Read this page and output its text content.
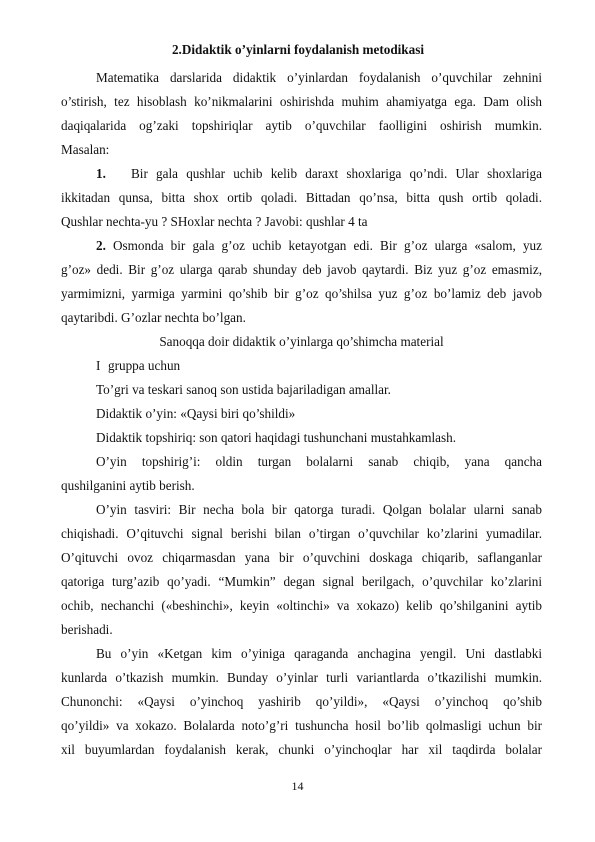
2.Didaktik o’yinlarni foydalanish metodikasi
Matematika darslarida didaktik o’yinlardan foydalanish o’quvchilar zehnini
o’stirish, tez hisoblash ko’nikmalarini oshirishda muhim ahamiyatga ega. Dam olish
daqiqalarida og’zaki topshiriqlar aytib o’quvchilar faolligini oshirish mumkin.
Masalan:
1.	Bir gala qushlar uchib kelib daraxt shoxlariga qo’ndi. Ular shoxlariga
ikkitadan qunsa, bitta shox ortib qoladi. Bittadan qo’nsa, bitta qush ortib qoladi.
Qushlar nechta-yu ? SHoxlar nechta ? Javobi: qushlar 4 ta
2. Osmonda bir gala g’oz uchib ketayotgan edi. Bir g’oz ularga «salom, yuz
g’oz» dedi. Bir g’oz ularga qarab shunday deb javob qaytardi. Biz yuz g’oz emasmiz,
yarmimizni, yarmiga yarmini qo’shib bir g’oz qo’shilsa yuz g’oz bo’lamiz deb javob
qaytaribdi. G’ozlar nechta bo’lgan.
Sanoqqa doir didaktik o’yinlarga qo’shimcha material
I gruppa uchun
To’gri va teskari sanoq son ustida bajariladigan amallar.
Didaktik o’yin: «Qaysi biri qo’shildi»
Didaktik topshiriq: son qatori haqidagi tushunchani mustahkamlash.
O’yin topshirig’i: oldin turgan bolalarni sanab chiqib, yana qancha
qushilganini aytib berish.
O’yin tasviri: Bir necha bola bir qatorga turadi. Qolgan bolalar ularni sanab
chiqishadi. O’qituvchi signal berishi bilan o’tirgan o’quvchilar ko’zlarini yumadilar.
O’qituvchi ovoz chiqarmasdan yana bir o’quvchini doskaga chiqarib, saflanganlar
qatoriga turg’azib qo’yadi. “Mumkin” degan signal berilgach, o’quvchilar ko’zlarini
ochib, nechanchi («beshinchi», keyin «oltinchi» va xokazo) kelib qo’shilganini aytib
berishadi.
Bu o’yin «Ketgan kim o’yiniga qaraganda anchagina yengil. Uni dastlabki
kunlarda o’tkazish mumkin. Bunday o’yinlar turli variantlarda o’tkazilishi mumkin.
Chunonchi: «Qaysi o’yinchoq yashirib qo’yildi», «Qaysi o’yinchoq qo’shib
qo’yildi» va xokazo. Bolalarda noto’g’ri tushuncha hosil bo’lib qolmasligi uchun bir
xil buyumlardan foydalanish kerak, chunki o’yinchoqlar har xil taqdirda bolalar
14
